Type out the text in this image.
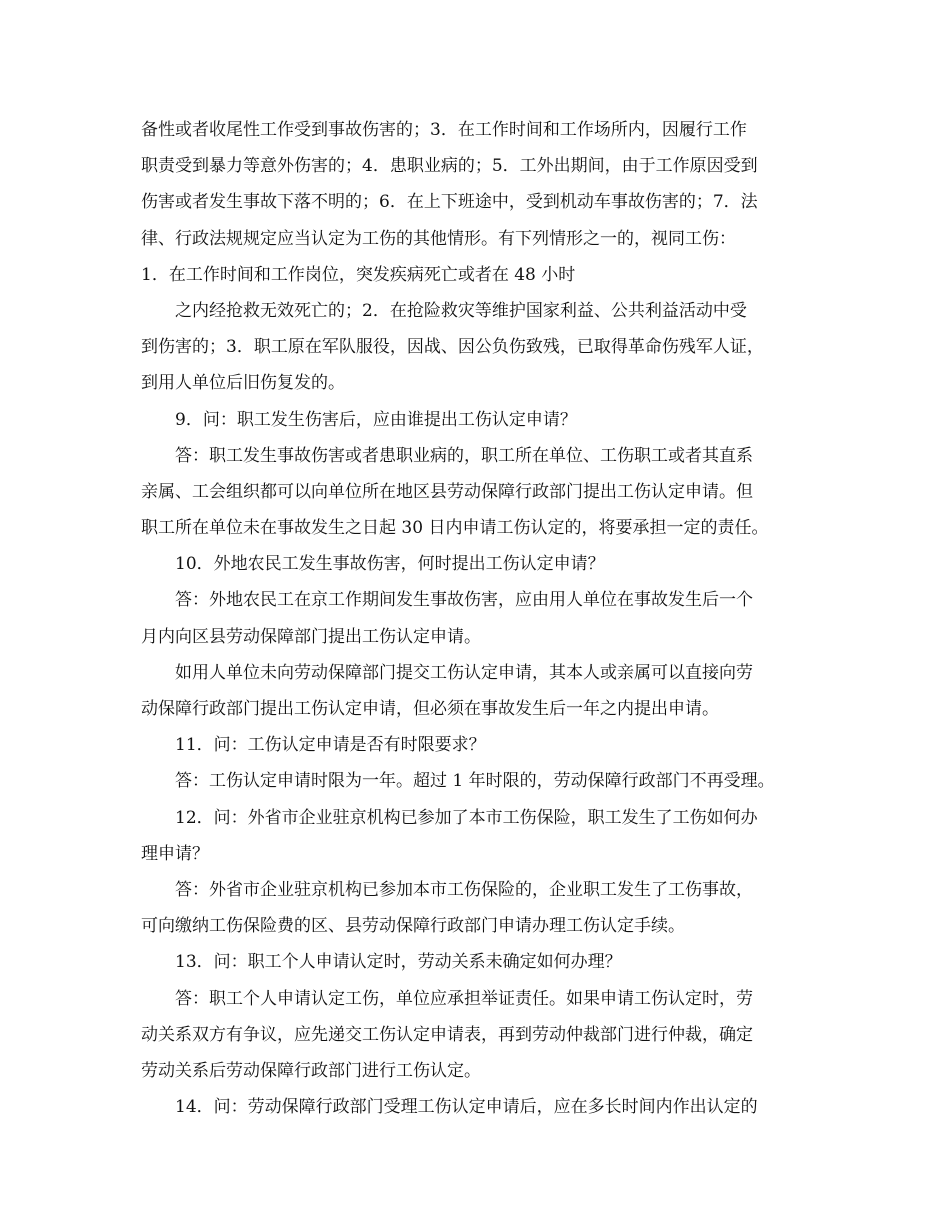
备性或者收尾性工作受到事故伤害的；3．在工作时间和工作场所内，因履行工作
职责受到暴力等意外伤害的；4．患职业病的；5．工外出期间，由于工作原因受到
伤害或者发生事故下落不明的；6．在上下班途中，受到机动车事故伤害的；7．法
律、行政法规规定应当认定为工伤的其他情形。有下列情形之一的，视同工伤：
1．在工作时间和工作岗位，突发疾病死亡或者在 48 小时
之内经抢救无效死亡的；2．在抢险救灾等维护国家利益、公共利益活动中受
到伤害的；3．职工原在军队服役，因战、因公负伤致残，已取得革命伤残军人证，
到用人单位后旧伤复发的。
9．问：职工发生伤害后，应由谁提出工伤认定申请？
答：职工发生事故伤害或者患职业病的，职工所在单位、工伤职工或者其直系
亲属、工会组织都可以向单位所在地区县劳动保障行政部门提出工伤认定申请。但
职工所在单位未在事故发生之日起 30 日内申请工伤认定的，将要承担一定的责任。
10．外地农民工发生事故伤害，何时提出工伤认定申请？
答：外地农民工在京工作期间发生事故伤害，应由用人单位在事故发生后一个
月内向区县劳动保障部门提出工伤认定申请。
如用人单位未向劳动保障部门提交工伤认定申请，其本人或亲属可以直接向劳
动保障行政部门提出工伤认定申请，但必须在事故发生后一年之内提出申请。
11．问：工伤认定申请是否有时限要求？
答：工伤认定申请时限为一年。超过 1 年时限的，劳动保障行政部门不再受理。
12．问：外省市企业驻京机构已参加了本市工伤保险，职工发生了工伤如何办
理申请？
答：外省市企业驻京机构已参加本市工伤保险的，企业职工发生了工伤事故，
可向缴纳工伤保险费的区、县劳动保障行政部门申请办理工伤认定手续。
13．问：职工个人申请认定时，劳动关系未确定如何办理？
答：职工个人申请认定工伤，单位应承担举证责任。如果申请工伤认定时，劳
动关系双方有争议，应先递交工伤认定申请表，再到劳动仲裁部门进行仲裁，确定
劳动关系后劳动保障行政部门进行工伤认定。
14．问：劳动保障行政部门受理工伤认定申请后，应在多长时间内作出认定的
